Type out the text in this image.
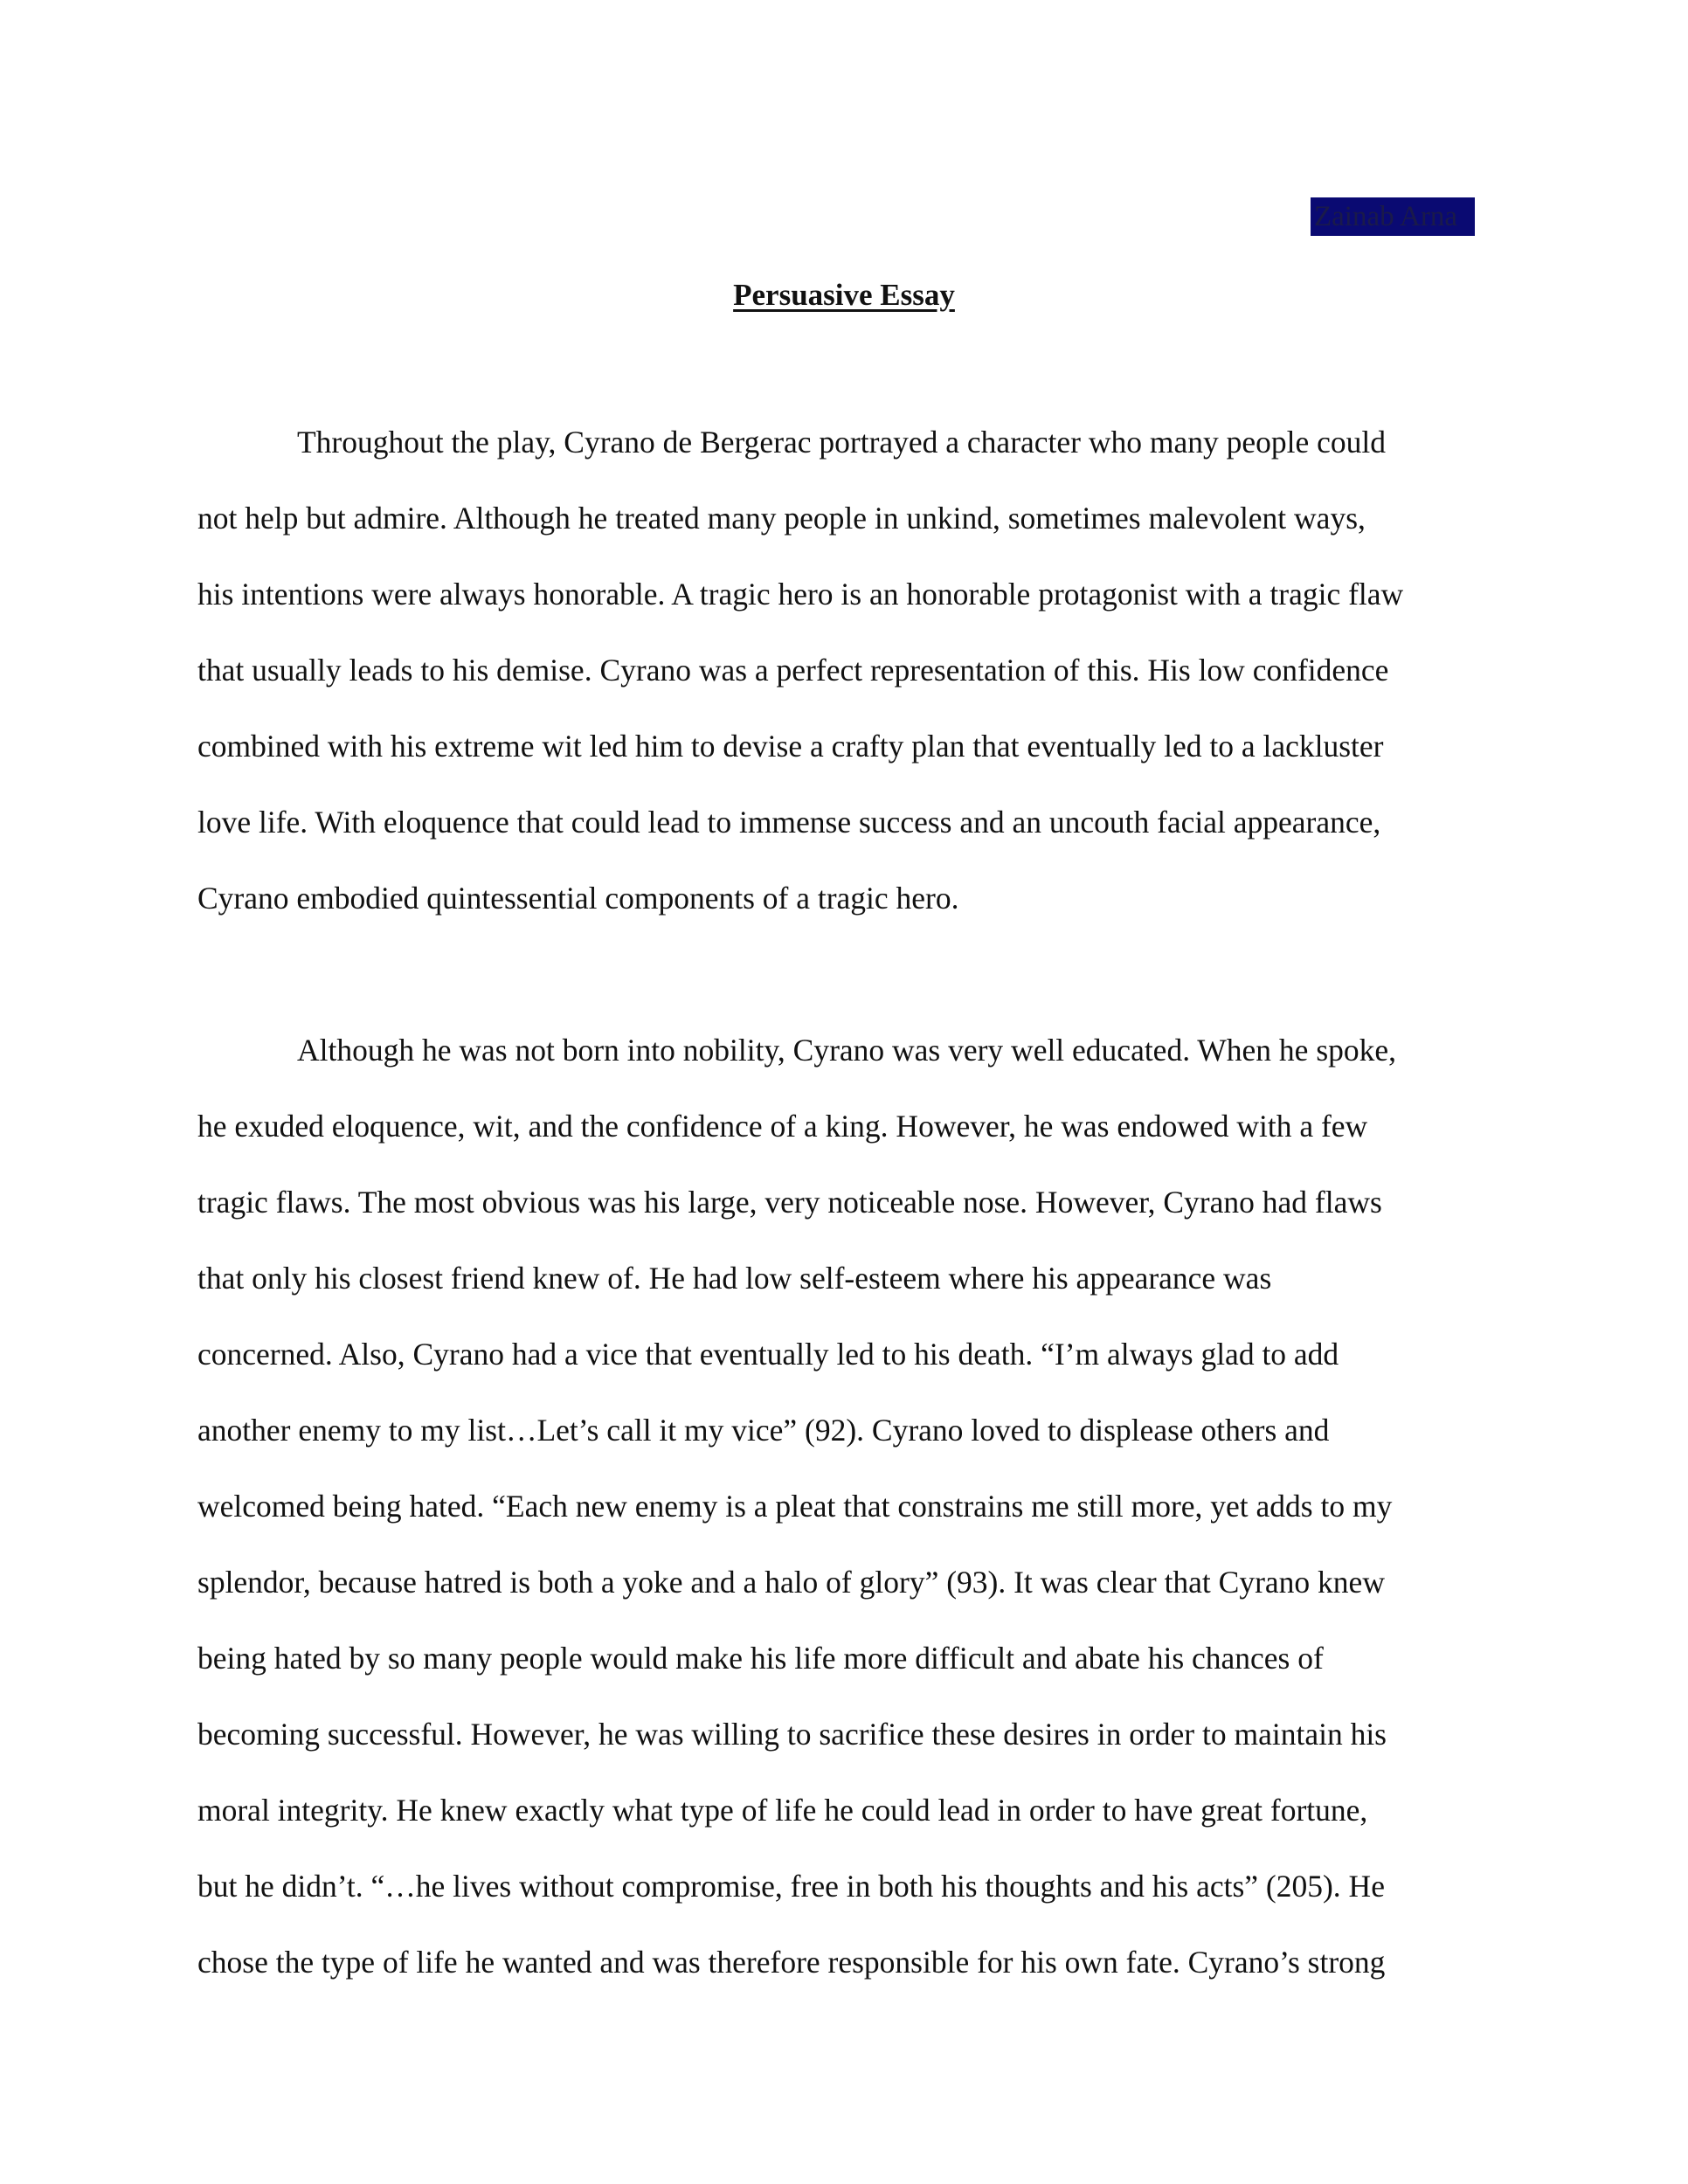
Zainab Arna
Persuasive Essay
Throughout the play, Cyrano de Bergerac portrayed a character who many people could
not help but admire. Although he treated many people in unkind, sometimes malevolent ways,
his intentions were always honorable. A tragic hero is an honorable protagonist with a tragic flaw
that usually leads to his demise. Cyrano was a perfect representation of this. His low confidence
combined with his extreme wit led him to devise a crafty plan that eventually led to a lackluster
love life. With eloquence that could lead to immense success and an uncouth facial appearance,
Cyrano embodied quintessential components of a tragic hero.
Although he was not born into nobility, Cyrano was very well educated. When he spoke,
he exuded eloquence, wit, and the confidence of a king. However, he was endowed with a few
tragic flaws. The most obvious was his large, very noticeable nose. However, Cyrano had flaws
that only his closest friend knew of. He had low self-esteem where his appearance was
concerned. Also, Cyrano had a vice that eventually led to his death. “I’m always glad to add
another enemy to my list…Let’s call it my vice” (92). Cyrano loved to displease others and
welcomed being hated. “Each new enemy is a pleat that constrains me still more, yet adds to my
splendor, because hatred is both a yoke and a halo of glory” (93). It was clear that Cyrano knew
being hated by so many people would make his life more difficult and abate his chances of
becoming successful. However, he was willing to sacrifice these desires in order to maintain his
moral integrity. He knew exactly what type of life he could lead in order to have great fortune,
but he didn’t. “…he lives without compromise, free in both his thoughts and his acts” (205). He
chose the type of life he wanted and was therefore responsible for his own fate. Cyrano’s strong
